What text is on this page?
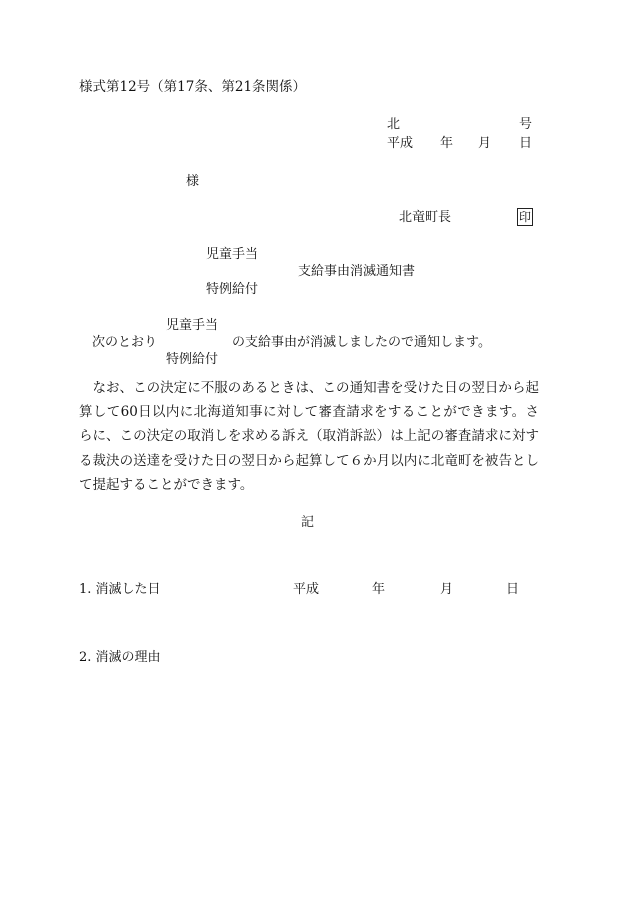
様式第12号（第17条、第21条関係）
北	号
平成 年 月 日
様
北竜町長	印
児童手当
支給事由消滅通知書
特例給付
児童手当
次のとおり	の支給事由が消滅しましたので通知します。
特例給付
なお、この決定に不服のあるときは、この通知書を受けた日の翌日から起算して60日以内に北海道知事に対して審査請求をすることができます。さらに、この決定の取消しを求める訴え（取消訴訟）は上記の審査請求に対する裁決の送達を受けた日の翌日から起算して６か月以内に北竜町を被告として提起することができます。
記
1. 消滅した日	平成	年	月	日
2. 消滅の理由
